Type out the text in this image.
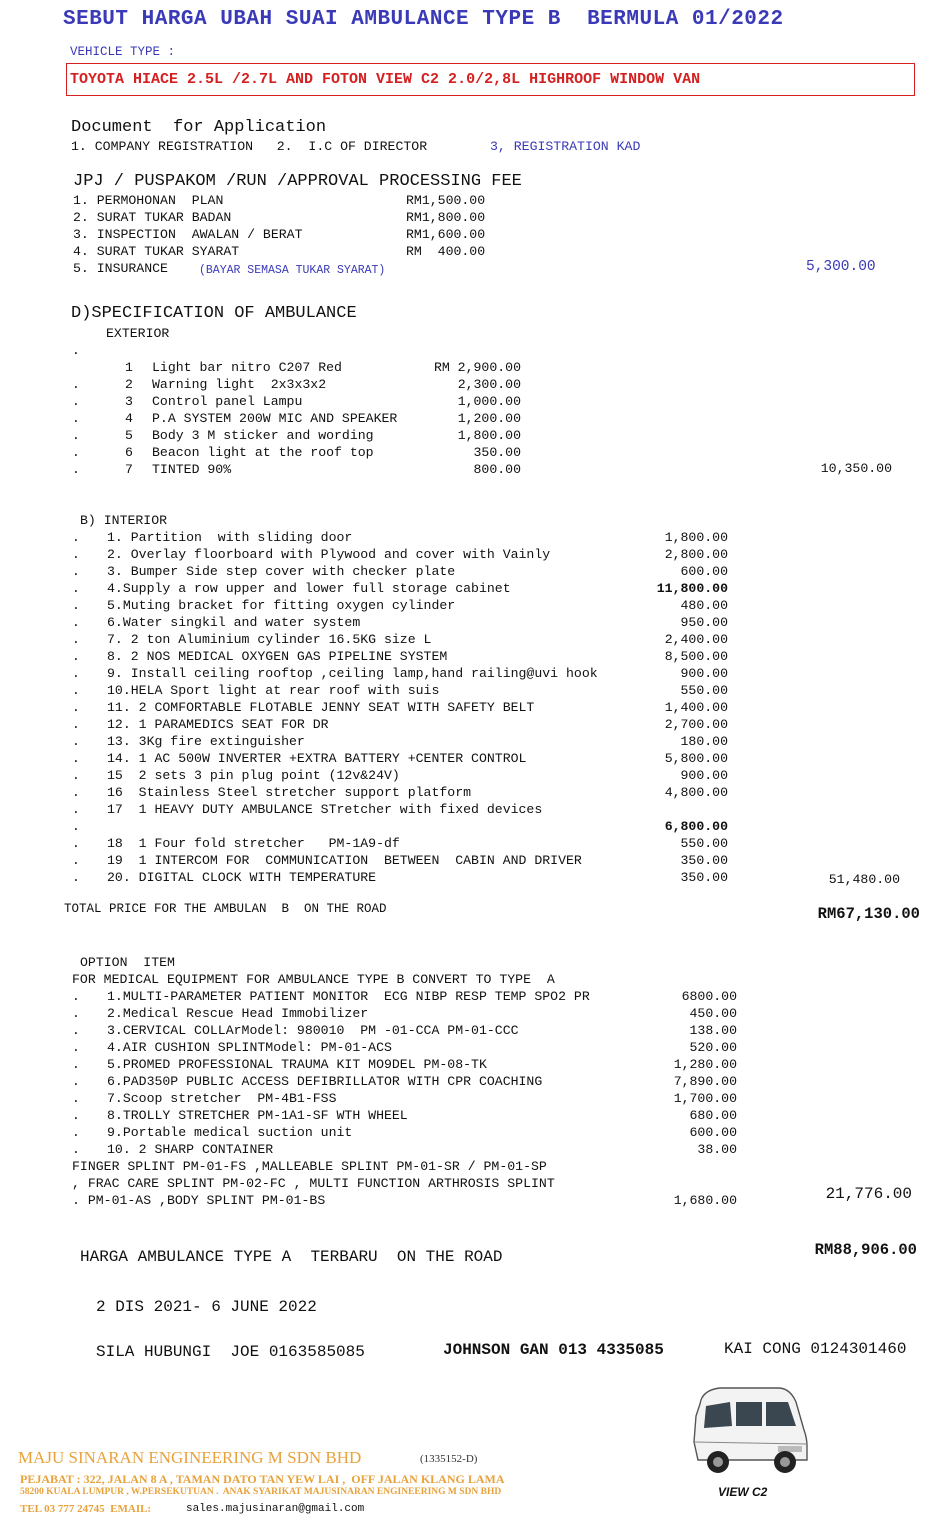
SEBUT HARGA UBAH SUAI AMBULANCE TYPE B  BERMULA 01/2022
VEHICLE TYPE :

TOYOTA HIACE 2.5L /2.7L AND FOTON VIEW C2 2.0/2,8L HIGHROOF WINDOW VAN

Document  for Application
1. COMPANY REGISTRATION   2.  I.C OF DIRECTOR	3, REGISTRATION KAD
JPJ / PUSPAKOM /RUN /APPROVAL PROCESSING FEE
1. PERMOHONAN  PLAN	RM1,500.00
2. SURAT TUKAR BADAN	RM1,800.00
3. INSPECTION  AWALAN / BERAT	RM1,600.00
4. SURAT TUKAR SYARAT	RM  400.00
5. INSURANCE	(BAYAR SEMASA TUKAR SYARAT)	5,300.00
D)SPECIFICATION OF AMBULANCE
EXTERIOR
.
1 Light bar nitro C207 Red	RM 2,900.00
.	2 Warning light  2x3x3x2	2,300.00
.	3 Control panel Lampu	1,000.00
.	4 P.A SYSTEM 200W MIC AND SPEAKER	1,200.00
.	5 Body 3 M sticker and wording	1,800.00
.	6 Beacon light at the roof top	350.00
.	7 TINTED 90%	800.00	10,350.00
B) INTERIOR
. 1. Partition  with sliding door	1,800.00
. 2. Overlay floorboard with Plywood and cover with Vainly	2,800.00
. 3. Bumper Side step cover with checker plate	600.00
. 4.Supply a row upper and lower full storage cabinet	11,800.00
. 5.Muting bracket for fitting oxygen cylinder	480.00
. 6.Water singkil and water system	950.00
. 7. 2 ton Aluminium cylinder 16.5KG size L	2,400.00
. 8. 2 NOS MEDICAL OXYGEN GAS PIPELINE SYSTEM	8,500.00
. 9. Install ceiling rooftop ,ceiling lamp,hand railing@uvi hook	900.00
. 10.HELA Sport light at rear roof with suis	550.00
. 11. 2 COMFORTABLE FLOTABLE JENNY SEAT WITH SAFETY BELT	1,400.00
. 12. 1 PARAMEDICS SEAT FOR DR	2,700.00
. 13. 3Kg fire extinguisher	180.00
. 14. 1 AC 500W INVERTER +EXTRA BATTERY +CENTER CONTROL	5,800.00
. 15  2 sets 3 pin plug point (12v&24V)	900.00
. 16  Stainless Steel stretcher support platform	4,800.00
. 17  1 HEAVY DUTY AMBULANCE STretcher with fixed devices
.	6,800.00
. 18  1 Four fold stretcher   PM-1A9-df	550.00
. 19  1 INTERCOM FOR  COMMUNICATION  BETWEEN  CABIN AND DRIVER	350.00
. 20. DIGITAL CLOCK WITH TEMPERATURE	350.00	51,480.00
TOTAL PRICE FOR THE AMBULAN  B  ON THE ROAD	RM67,130.00
OPTION  ITEM
FOR MEDICAL EQUIPMENT FOR AMBULANCE TYPE B CONVERT TO TYPE  A
. 1.MULTI-PARAMETER PATIENT MONITOR  ECG NIBP RESP TEMP SPO2 PR	6800.00
. 2.Medical Rescue Head Immobilizer	450.00
. 3.CERVICAL COLLArModel: 980010  PM -01-CCA PM-01-CCC	138.00
. 4.AIR CUSHION SPLINTModel: PM-01-ACS	520.00
. 5.PROMED PROFESSIONAL TRAUMA KIT MO9DEL PM-08-TK	1,280.00
. 6.PAD350P PUBLIC ACCESS DEFIBRILLATOR WITH CPR COACHING	7,890.00
. 7.Scoop stretcher  PM-4B1-FSS	1,700.00
. 8.TROLLY STRETCHER PM-1A1-SF WTH WHEEL	680.00
. 9.Portable medical suction unit	600.00
. 10. 2 SHARP CONTAINER	38.00
FINGER SPLINT PM-01-FS ,MALLEABLE SPLINT PM-01-SR / PM-01-SP
, FRAC CARE SPLINT PM-02-FC , MULTI FUNCTION ARTHROSIS SPLINT
. PM-01-AS ,BODY SPLINT PM-01-BS	1,680.00	21,776.00
HARGA AMBULANCE TYPE A  TERBARU  ON THE ROAD	RM88,906.00
2 DIS 2021- 6 JUNE 2022
SILA HUBUNGI  JOE 0163585085	JOHNSON GAN 013 4335085	KAI CONG 0124301460
VIEW C2
MAJU SINARAN ENGINEERING M SDN BHD	(1335152-D)
PEJABAT : 322, JALAN 8 A , TAMAN DATO TAN YEW LAI ,  OFF JALAN KLANG LAMA
58200 KUALA LUMPUR , W.PERSEKUTUAN .  ANAK SYARIKAT MAJUSINARAN ENGINEERING M SDN BHD
TEL 03 777 24745  EMAIL:	sales.majusinaran@gmail.com
